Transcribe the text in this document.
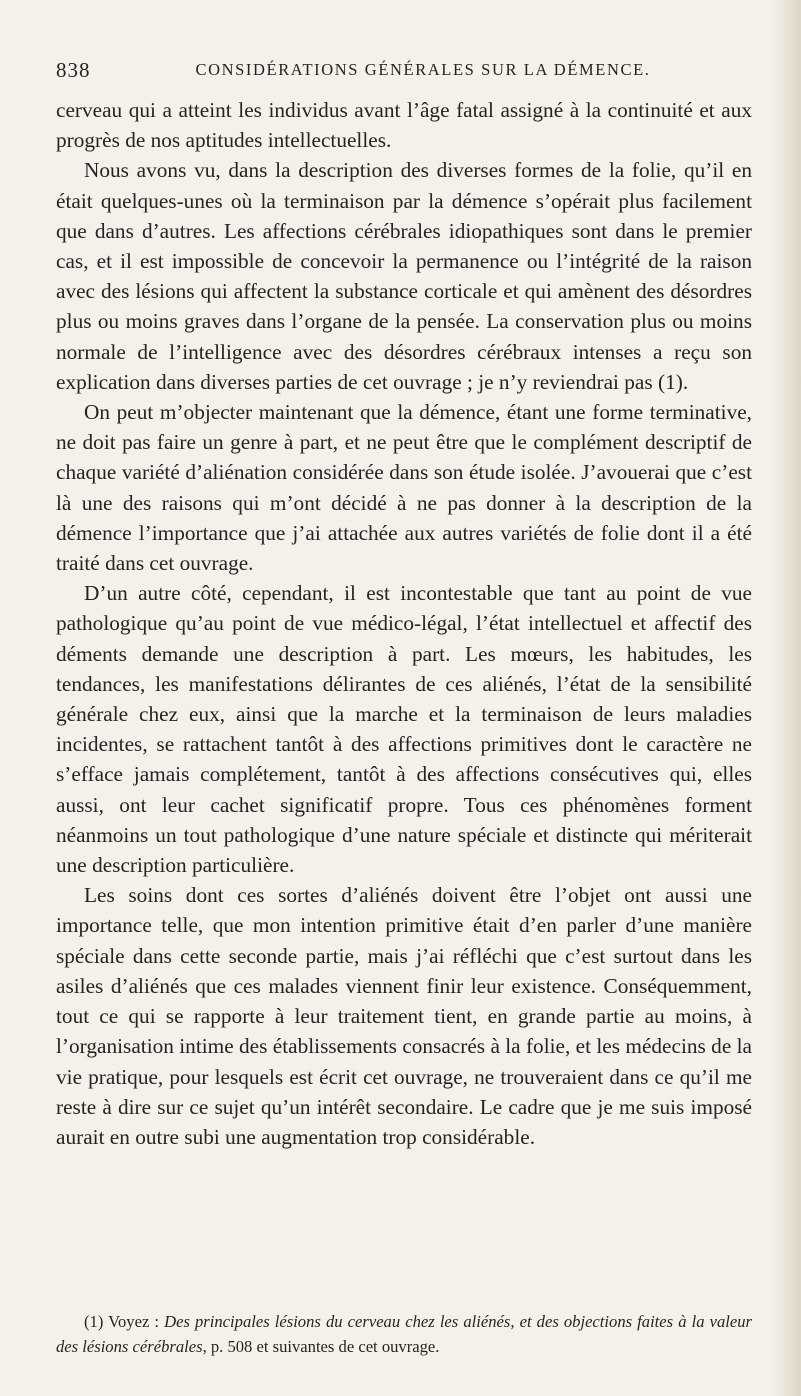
838	CONSIDÉRATIONS GÉNÉRALES SUR LA DÉMENCE.

cerveau qui a atteint les individus avant l’âge fatal assigné à la continuité et aux progrès de nos aptitudes intellectuelles.

Nous avons vu, dans la description des diverses formes de la folie, qu’il en était quelques-unes où la terminaison par la démence s’opérait plus facilement que dans d’autres. Les affections cérébrales idiopathiques sont dans le premier cas, et il est impossible de concevoir la permanence ou l’intégrité de la raison avec des lésions qui affectent la substance corticale et qui amènent des désordres plus ou moins graves dans l’organe de la pensée. La conservation plus ou moins normale de l’intelligence avec des désordres cérébraux intenses a reçu son explication dans diverses parties de cet ouvrage ; je n’y reviendrai pas (1).

On peut m’objecter maintenant que la démence, étant une forme terminative, ne doit pas faire un genre à part, et ne peut être que le complément descriptif de chaque variété d’aliénation considérée dans son étude isolée. J’avouerai que c’est là une des raisons qui m’ont décidé à ne pas donner à la description de la démence l’importance que j’ai attachée aux autres variétés de folie dont il a été traité dans cet ouvrage.

D’un autre côté, cependant, il est incontestable que tant au point de vue pathologique qu’au point de vue médico-légal, l’état intellectuel et affectif des déments demande une description à part. Les mœurs, les habitudes, les tendances, les manifestations délirantes de ces aliénés, l’état de la sensibilité générale chez eux, ainsi que la marche et la terminaison de leurs maladies incidentes, se rattachent tantôt à des affections primitives dont le caractère ne s’efface jamais complétement, tantôt à des affections consécutives qui, elles aussi, ont leur cachet significatif propre. Tous ces phénomènes forment néanmoins un tout pathologique d’une nature spéciale et distincte qui mériterait une description particulière.

Les soins dont ces sortes d’aliénés doivent être l’objet ont aussi une importance telle, que mon intention primitive était d’en parler d’une manière spéciale dans cette seconde partie, mais j’ai réfléchi que c’est surtout dans les asiles d’aliénés que ces malades viennent finir leur existence. Conséquemment, tout ce qui se rapporte à leur traitement tient, en grande partie au moins, à l’organisation intime des établissements consacrés à la folie, et les médecins de la vie pratique, pour lesquels est écrit cet ouvrage, ne trouveraient dans ce qu’il me reste à dire sur ce sujet qu’un intérêt secondaire. Le cadre que je me suis imposé aurait en outre subi une augmentation trop considérable.

(1) Voyez : Des principales lésions du cerveau chez les aliénés, et des objections faites à la valeur des lésions cérébrales, p. 508 et suivantes de cet ouvrage.
